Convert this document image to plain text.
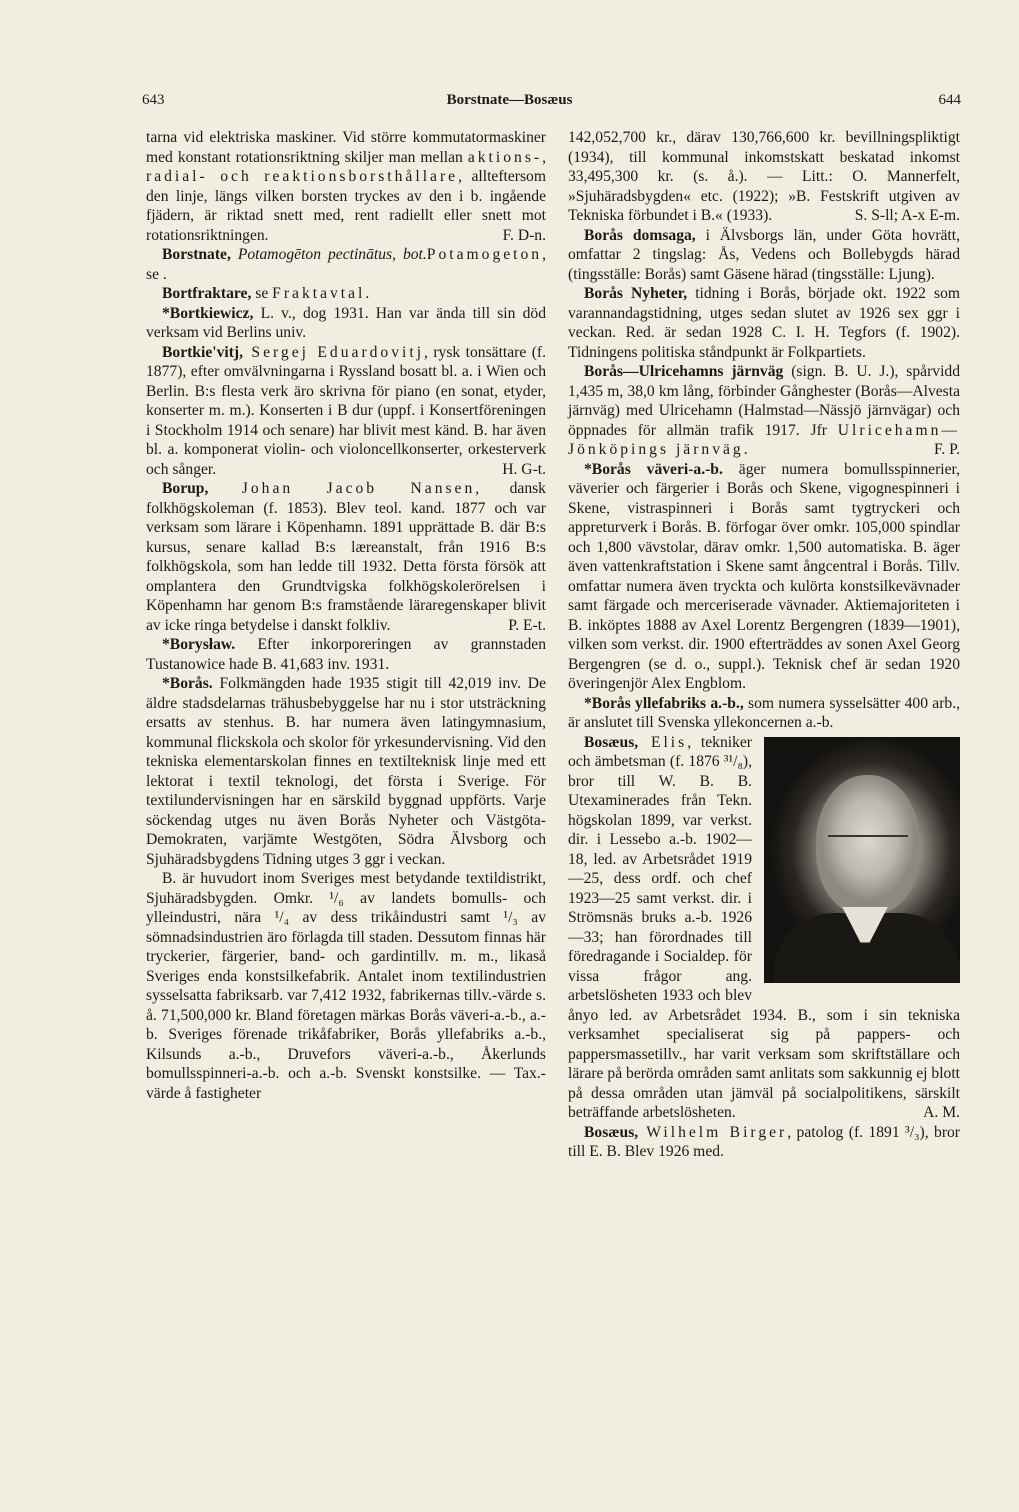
643	Borstnate—Bosæus	644

tarna vid elektriska maskiner. Vid större kommutatormaskiner med konstant rotationsriktning skiljer man mellan aktions-, radial- och reaktionsborsthållare, allteftersom den linje, längs vilken borsten tryckes av den i b. ingående fjädern, är riktad snett med, rent radiellt eller snett mot rotationsriktningen.	F. D-n.

Borstnate, Potamogēton pectinātus, bot.Potamogeton, se .

Bortfraktare, se Fraktavtal.

*Bortkiewicz, L. v., dog 1931. Han var ända till sin död verksam vid Berlins univ.

Bortkie'vitj, Sergej Eduardovitj, rysk tonsättare (f. 1877), efter omvälvningarna i Ryssland bosatt bl. a. i Wien och Berlin. B:s flesta verk äro skrivna för piano (en sonat, etyder, konserter m. m.). Konserten i B dur (uppf. i Konsertföreningen i Stockholm 1914 och senare) har blivit mest känd. B. har även bl. a. komponerat violin- och violoncellkonserter, orkesterverk och sånger.	H. G-t.

Borup, Johan Jacob Nansen, dansk folkhögskoleman (f. 1853). Blev teol. kand. 1877 och var verksam som lärare i Köpenhamn. 1891 upprättade B. där B:s kursus, senare kallad B:s læreanstalt, från 1916 B:s folkhögskola, som han ledde till 1932. Detta första försök att omplantera den Grundtvigska folkhögskolerörelsen i Köpenhamn har genom B:s framstående läraregenskaper blivit av icke ringa betydelse i danskt folkliv.	P. E-t.

*Borysław. Efter inkorporeringen av grannstaden Tustanowice hade B. 41,683 inv. 1931.

*Borås. Folkmängden hade 1935 stigit till 42,019 inv. De äldre stadsdelarnas trähusbebyggelse har nu i stor utsträckning ersatts av stenhus. B. har numera även latingymnasium, kommunal flickskola och skolor för yrkesundervisning. Vid den tekniska elementarskolan finnes en textilteknisk linje med ett lektorat i textil teknologi, det första i Sverige. För textilundervisningen har en särskild byggnad uppförts. Varje söckendag utges nu även Borås Nyheter och Västgöta-Demokraten, varjämte Westgöten, Södra Älvsborg och Sjuhäradsbygdens Tidning utges 3 ggr i veckan.

B. är huvudort inom Sveriges mest betydande textildistrikt, Sjuhäradsbygden. Omkr. ¹/₆ av landets bomulls- och ylleindustri, nära ¹/₄ av dess trikåindustri samt ¹/₃ av sömnadsindustrien äro förlagda till staden. Dessutom finnas här tryckerier, färgerier, band- och gardintillv. m. m., likaså Sveriges enda konstsilkefabrik. Antalet inom textilindustrien sysselsatta fabriksarb. var 7,412 1932, fabrikernas tillv.-värde s. å. 71,500,000 kr. Bland företagen märkas Borås väveri-a.-b., a.-b. Sveriges förenade trikåfabriker, Borås yllefabriks a.-b., Kilsunds a.-b., Druvefors väveri-a.-b., Åkerlunds bomullsspinneri-a.-b. och a.-b. Svenskt konstsilke. — Tax.-värde å fastigheter

142,052,700 kr., därav 130,766,600 kr. bevillningspliktigt (1934), till kommunal inkomstskatt beskatad inkomst 33,495,300 kr. (s. å.). — Litt.: O. Mannerfelt, »Sjuhäradsbygden« etc. (1922); »B. Festskrift utgiven av Tekniska förbundet i B.« (1933).	S. S-ll; A-x E-m.

Borås domsaga, i Älvsborgs län, under Göta hovrätt, omfattar 2 tingslag: Ås, Vedens och Bollebygds härad (tingsställe: Borås) samt Gäsene härad (tingsställe: Ljung).

Borås Nyheter, tidning i Borås, började okt. 1922 som varannandagstidning, utges sedan slutet av 1926 sex ggr i veckan. Red. är sedan 1928 C. I. H. Tegfors (f. 1902). Tidningens politiska ståndpunkt är Folkpartiets.

Borås—Ulricehamns järnväg (sign. B. U. J.), spårvidd 1,435 m, 38,0 km lång, förbinder Gånghester (Borås—Alvesta järnväg) med Ulricehamn (Halmstad—Nässjö järnvägar) och öppnades för allmän trafik 1917. Jfr Ulricehamn—Jönköpings järnväg.	F. P.

*Borås väveri-a.-b. äger numera bomullsspinnerier, väverier och färgerier i Borås och Skene, vigognespinneri i Skene, vistraspinneri i Borås samt tygtryckeri och appreturverk i Borås. B. förfogar över omkr. 105,000 spindlar och 1,800 vävstolar, därav omkr. 1,500 automatiska. B. äger även vattenkraftstation i Skene samt ångcentral i Borås. Tillv. omfattar numera även tryckta och kulörta konstsilkevävnader samt färgade och merceriserade vävnader. Aktiemajoriteten i B. inköptes 1888 av Axel Lorentz Bergengren (1839—1901), vilken som verkst. dir. 1900 efterträddes av sonen Axel Georg Bergengren (se d. o., suppl.). Teknisk chef är sedan 1920 överingenjör Alex Engblom.

*Borås yllefabriks a.-b., som numera sysselsätter 400 arb., är anslutet till Svenska yllekoncernen a.-b.

Bosæus, Elis, tekniker och ämbetsman (f. 1876 ³¹/₈), bror till W. B. B. Utexaminerades från Tekn. högskolan 1899, var verkst. dir. i Lessebo a.-b. 1902—18, led. av Arbetsrådet 1919—25, dess ordf. och chef 1923—25 samt verkst. dir. i Strömsnäs bruks a.-b. 1926—33; han förordnades till föredragande i Socialdep. för vissa frågor ang. arbetslösheten 1933 och blev ånyo led. av Arbetsrådet 1934. B., som i sin tekniska verksamhet specialiserat sig på pappers- och pappersmassetillv., har varit verksam som skriftställare och lärare på berörda områden samt anlitats som sakkunnig ej blott på dessa områden utan jämväl på socialpolitikens, särskilt beträffande arbetslösheten.	A. M.

Bosæus, Wilhelm Birger, patolog (f. 1891 ³/₃), bror till E. B. Blev 1926 med.
